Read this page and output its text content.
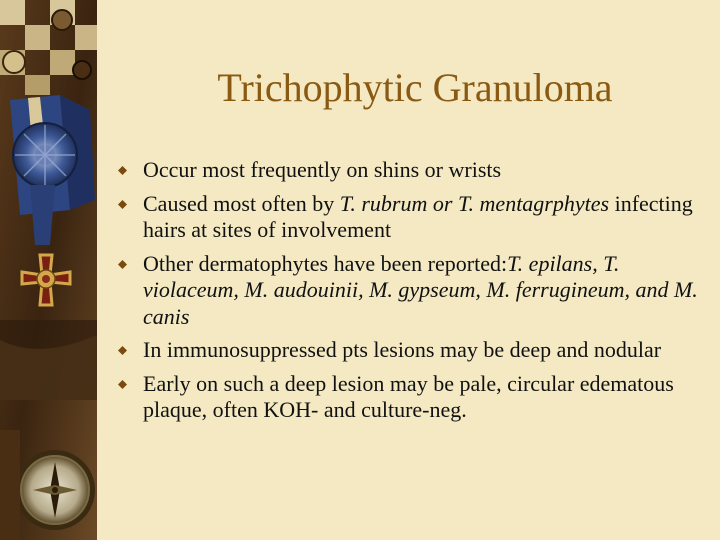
Trichophytic Granuloma
Occur most frequently on shins or wrists
Caused most often by T. rubrum or T. mentagrphytes infecting hairs at sites of involvement
Other dermatophytes have been reported:T. epilans, T. violaceum, M. audouinii, M. gypseum, M. ferrugineum, and M. canis
In immunosuppressed pts lesions may be deep and nodular
Early on such a deep lesion may be pale, circular edematous plaque, often KOH- and culture-neg.
